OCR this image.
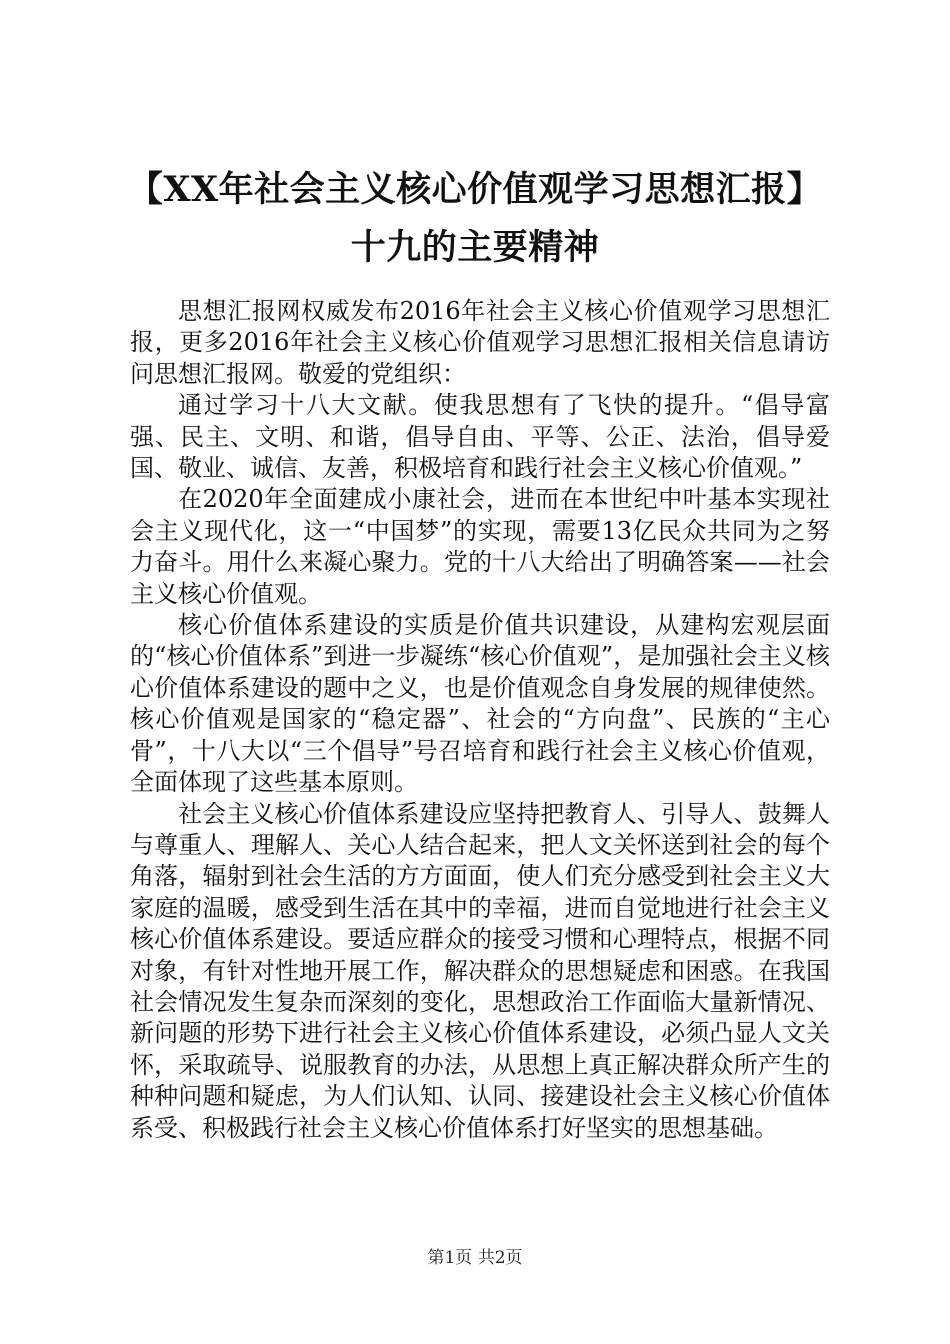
【XX年社会主义核心价值观学习思想汇报】
十九的主要精神

思想汇报网权威发布2016年社会主义核心价值观学习思想汇报，更多2016年社会主义核心价值观学习思想汇报相关信息请访问思想汇报网。敬爱的党组织：

通过学习十八大文献。使我思想有了飞快的提升。“倡导富强、民主、文明、和谐，倡导自由、平等、公正、法治，倡导爱国、敬业、诚信、友善，积极培育和践行社会主义核心价值观。”

在2020年全面建成小康社会，进而在本世纪中叶基本实现社会主义现代化，这一“中国梦”的实现，需要13亿民众共同为之努力奋斗。用什么来凝心聚力。党的十八大给出了明确答案——社会主义核心价值观。

核心价值体系建设的实质是价值共识建设，从建构宏观层面的“核心价值体系”到进一步凝练“核心价值观”，是加强社会主义核心价值体系建设的题中之义，也是价值观念自身发展的规律使然。核心价值观是国家的“稳定器”、社会的“方向盘”、民族的“主心骨”，十八大以“三个倡导”号召培育和践行社会主义核心价值观，全面体现了这些基本原则。

社会主义核心价值体系建设应坚持把教育人、引导人、鼓舞人与尊重人、理解人、关心人结合起来，把人文关怀送到社会的每个角落，辐射到社会生活的方方面面，使人们充分感受到社会主义大家庭的温暖，感受到生活在其中的幸福，进而自觉地进行社会主义核心价值体系建设。要适应群众的接受习惯和心理特点，根据不同对象，有针对性地开展工作，解决群众的思想疑虑和困惑。在我国社会情况发生复杂而深刻的变化，思想政治工作面临大量新情况、新问题的形势下进行社会主义核心价值体系建设，必须凸显人文关怀，采取疏导、说服教育的办法，从思想上真正解决群众所产生的种种问题和疑虑，为人们认知、认同、接建设社会主义核心价值体系受、积极践行社会主义核心价值体系打好坚实的思想基础。

第1页 共2页
